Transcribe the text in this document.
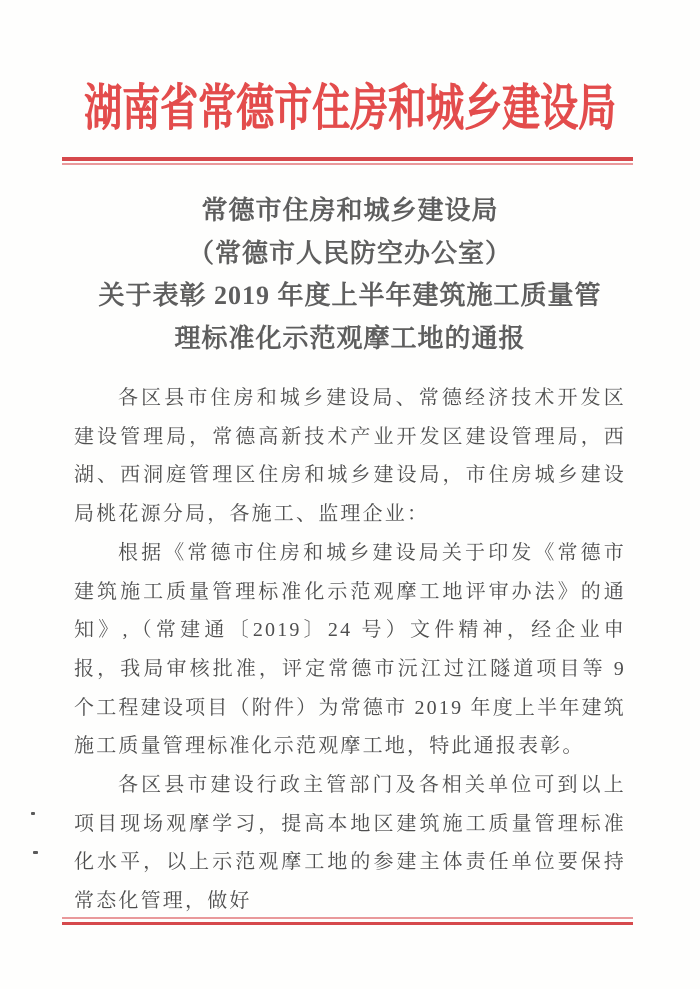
湖南省常德市住房和城乡建设局
常德市住房和城乡建设局
（常德市人民防空办公室）
关于表彰 2019 年度上半年建筑施工质量管
理标准化示范观摩工地的通报

各区县市住房和城乡建设局、常德经济技术开发区建设管理局，常德高新技术产业开发区建设管理局，西湖、西洞庭管理区住房和城乡建设局，市住房城乡建设局桃花源分局，各施工、监理企业：

根据《常德市住房和城乡建设局关于印发《常德市建筑施工质量管理标准化示范观摩工地评审办法》的通知》,（常建通〔2019〕24 号）文件精神，经企业申报，我局审核批准，评定常德市沅江过江隧道项目等 9 个工程建设项目（附件）为常德市 2019 年度上半年建筑施工质量管理标准化示范观摩工地，特此通报表彰。

各区县市建设行政主管部门及各相关单位可到以上项目现场观摩学习，提高本地区建筑施工质量管理标准化水平，以上示范观摩工地的参建主体责任单位要保持常态化管理，做好
